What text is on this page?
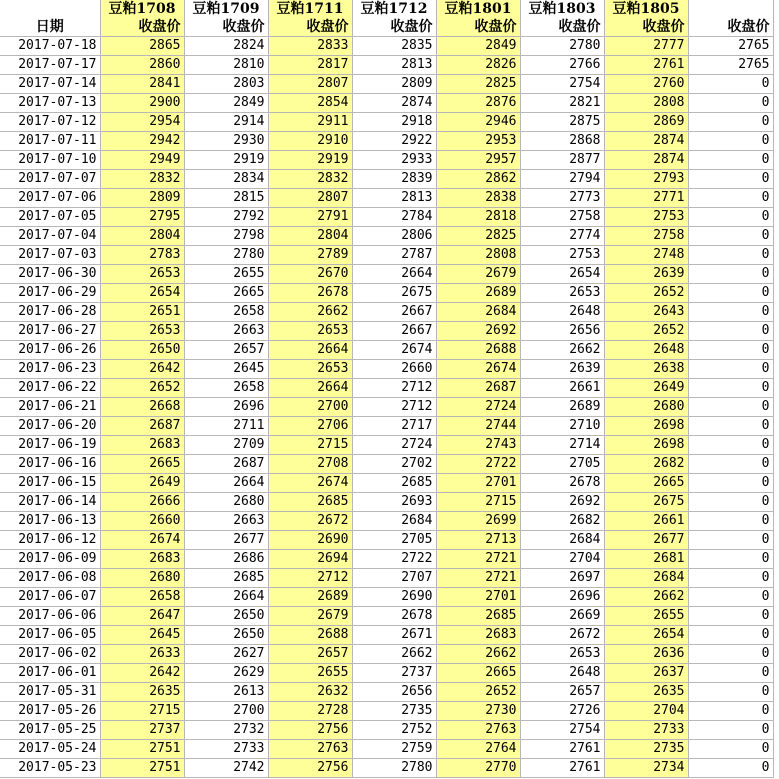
	豆粕1708	豆粕1709	豆粕1711	豆粕1712	豆粕1801	豆粕1803	豆粕1805	
日期	收盘价	收盘价	收盘价	收盘价	收盘价	收盘价	收盘价	收盘价
2017-07-18	2865	2824	2833	2835	2849	2780	2777	2765
2017-07-17	2860	2810	2817	2813	2826	2766	2761	2765
2017-07-14	2841	2803	2807	2809	2825	2754	2760	0
2017-07-13	2900	2849	2854	2874	2876	2821	2808	0
2017-07-12	2954	2914	2911	2918	2946	2875	2869	0
2017-07-11	2942	2930	2910	2922	2953	2868	2874	0
2017-07-10	2949	2919	2919	2933	2957	2877	2874	0
2017-07-07	2832	2834	2832	2839	2862	2794	2793	0
2017-07-06	2809	2815	2807	2813	2838	2773	2771	0
2017-07-05	2795	2792	2791	2784	2818	2758	2753	0
2017-07-04	2804	2798	2804	2806	2825	2774	2758	0
2017-07-03	2783	2780	2789	2787	2808	2753	2748	0
2017-06-30	2653	2655	2670	2664	2679	2654	2639	0
2017-06-29	2654	2665	2678	2675	2689	2653	2652	0
2017-06-28	2651	2658	2662	2667	2684	2648	2643	0
2017-06-27	2653	2663	2653	2667	2692	2656	2652	0
2017-06-26	2650	2657	2664	2674	2688	2662	2648	0
2017-06-23	2642	2645	2653	2660	2674	2639	2638	0
2017-06-22	2652	2658	2664	2712	2687	2661	2649	0
2017-06-21	2668	2696	2700	2712	2724	2689	2680	0
2017-06-20	2687	2711	2706	2717	2744	2710	2698	0
2017-06-19	2683	2709	2715	2724	2743	2714	2698	0
2017-06-16	2665	2687	2708	2702	2722	2705	2682	0
2017-06-15	2649	2664	2674	2685	2701	2678	2665	0
2017-06-14	2666	2680	2685	2693	2715	2692	2675	0
2017-06-13	2660	2663	2672	2684	2699	2682	2661	0
2017-06-12	2674	2677	2690	2705	2713	2684	2677	0
2017-06-09	2683	2686	2694	2722	2721	2704	2681	0
2017-06-08	2680	2685	2712	2707	2721	2697	2684	0
2017-06-07	2658	2664	2689	2690	2701	2696	2662	0
2017-06-06	2647	2650	2679	2678	2685	2669	2655	0
2017-06-05	2645	2650	2688	2671	2683	2672	2654	0
2017-06-02	2633	2627	2657	2662	2662	2653	2636	0
2017-06-01	2642	2629	2655	2737	2665	2648	2637	0
2017-05-31	2635	2613	2632	2656	2652	2657	2635	0
2017-05-26	2715	2700	2728	2735	2730	2726	2704	0
2017-05-25	2737	2732	2756	2752	2763	2754	2733	0
2017-05-24	2751	2733	2763	2759	2764	2761	2735	0
2017-05-23	2751	2742	2756	2780	2770	2761	2734	0
